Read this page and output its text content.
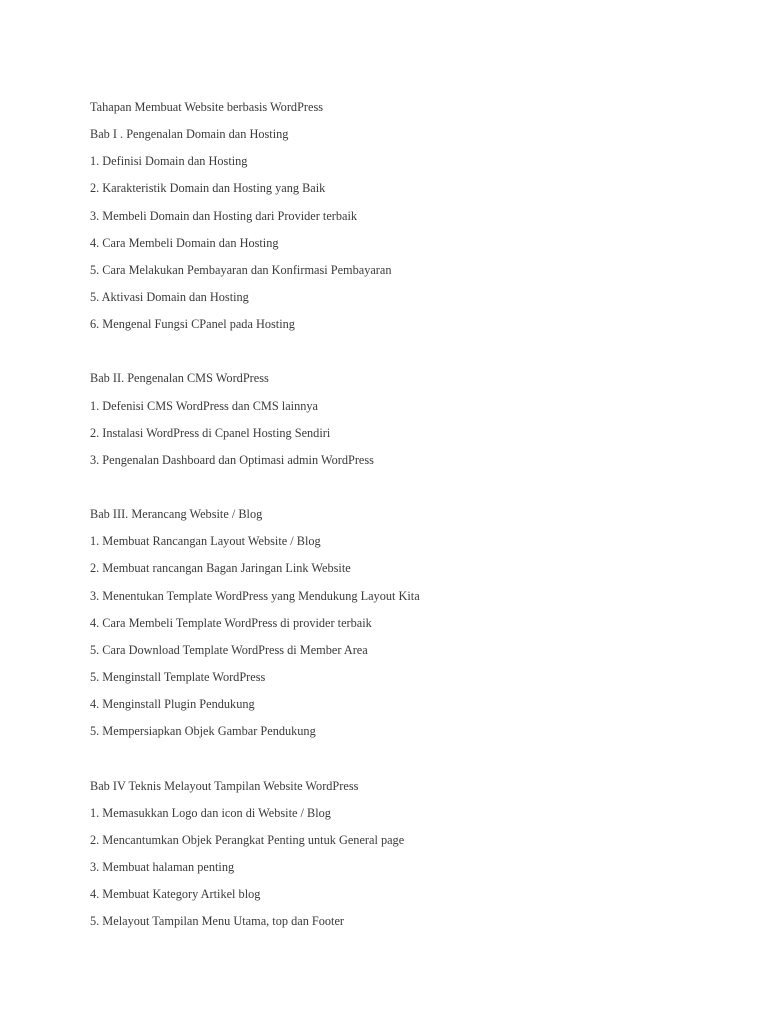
Tahapan Membuat Website berbasis WordPress
Bab I . Pengenalan Domain dan Hosting
1. Definisi Domain dan Hosting
2. Karakteristik Domain dan Hosting yang Baik
3. Membeli Domain dan Hosting dari Provider terbaik
4. Cara Membeli Domain dan Hosting
5. Cara Melakukan Pembayaran dan Konfirmasi Pembayaran
5. Aktivasi Domain dan Hosting
6. Mengenal Fungsi CPanel pada Hosting
Bab II. Pengenalan CMS WordPress
1. Defenisi CMS WordPress dan CMS lainnya
2. Instalasi WordPress di Cpanel Hosting Sendiri
3. Pengenalan Dashboard dan Optimasi admin WordPress
Bab III. Merancang Website / Blog
1. Membuat Rancangan Layout Website / Blog
2. Membuat rancangan Bagan Jaringan Link Website
3. Menentukan Template WordPress yang Mendukung Layout Kita
4. Cara Membeli Template WordPress di provider terbaik
5. Cara Download Template WordPress di Member Area
5. Menginstall Template WordPress
4. Menginstall Plugin Pendukung
5. Mempersiapkan Objek Gambar Pendukung
Bab IV Teknis Melayout Tampilan Website WordPress
1. Memasukkan Logo dan icon di Website / Blog
2. Mencantumkan Objek Perangkat Penting untuk General page
3. Membuat halaman penting
4. Membuat Kategory Artikel blog
5. Melayout Tampilan Menu Utama, top dan Footer
